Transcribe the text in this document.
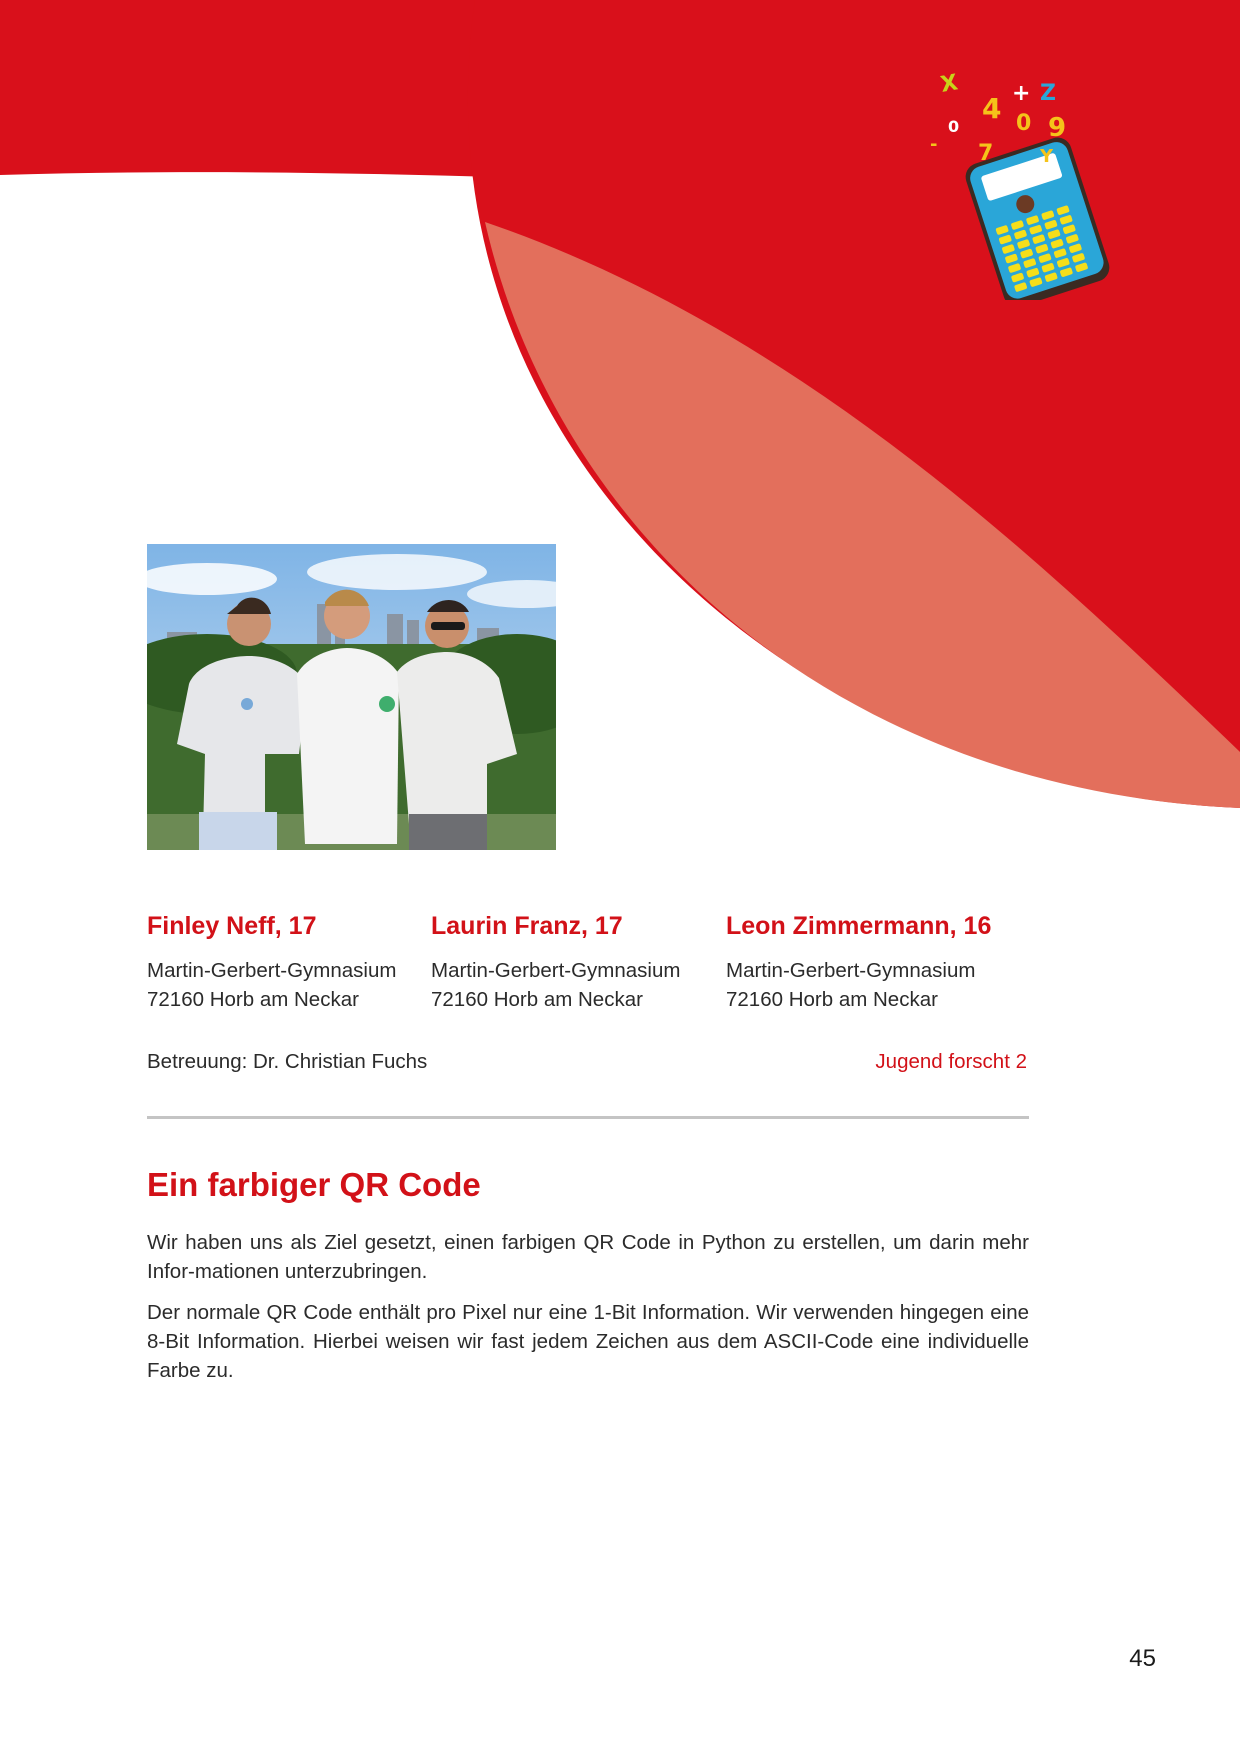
X + Z
4 0 9
0
7	Y
-
Finley Neff, 17
Martin-Gerbert-Gymnasium
72160 Horb am Neckar
Laurin Franz, 17
Martin-Gerbert-Gymnasium
72160 Horb am Neckar
Leon Zimmermann, 16
Martin-Gerbert-Gymnasium
72160 Horb am Neckar
Betreuung: Dr. Christian Fuchs	Jugend forscht 2
Ein farbiger QR Code

Wir haben uns als Ziel gesetzt, einen farbigen QR Code in Python zu erstellen, um darin mehr Infor-mationen unterzubringen.

Der normale QR Code enthält pro Pixel nur eine 1-Bit Information. Wir verwenden hingegen eine 8-Bit Information. Hierbei weisen wir fast jedem Zeichen aus dem ASCII-Code eine individuelle Farbe zu.

45
